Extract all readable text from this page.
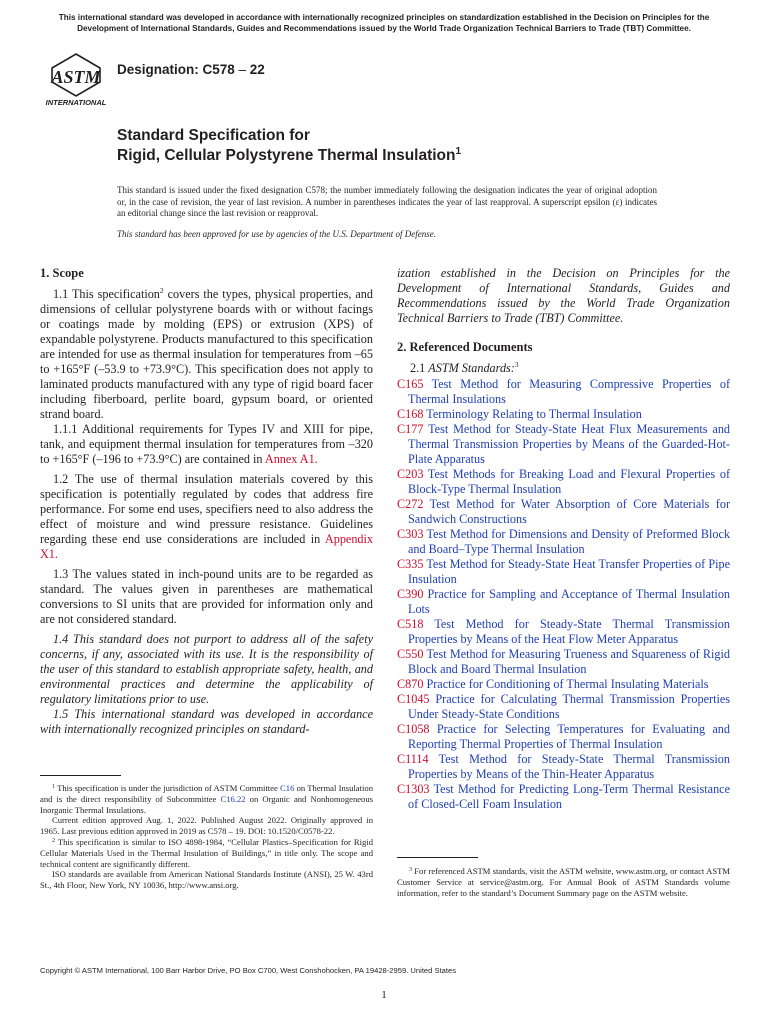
This international standard was developed in accordance with internationally recognized principles on standardization established in the Decision on Principles for the Development of International Standards, Guides and Recommendations issued by the World Trade Organization Technical Barriers to Trade (TBT) Committee.
ASTM
INTERNATIONAL
Designation: C578 – 22
Standard Specification for
Rigid, Cellular Polystyrene Thermal Insulation$^1$
This standard is issued under the fixed designation C578; the number immediately following the designation indicates the year of original adoption or, in the case of revision, the year of last revision. A number in parentheses indicates the year of last reapproval. A superscript epsilon (ε) indicates an editorial change since the last revision or reapproval.
This standard has been approved for use by agencies of the U.S. Department of Defense.
1. Scope

1.1 This specification$^2$ covers the types, physical properties, and dimensions of cellular polystyrene boards with or without facings or coatings made by molding (EPS) or extrusion (XPS) of expandable polystyrene. Products manufactured to this specification are intended for use as thermal insulation for temperatures from –65 to +165°F (–53.9 to +73.9°C). This specification does not apply to laminated products manufactured with any type of rigid board facer including fiberboard, perlite board, gypsum board, or oriented strand board.

1.1.1 Additional requirements for Types IV and XIII for pipe, tank, and equipment thermal insulation for temperatures from –320 to +165°F (–196 to +73.9°C) are contained in Annex A1.

1.2 The use of thermal insulation materials covered by this specification is potentially regulated by codes that address fire performance. For some end uses, specifiers need to also address the effect of moisture and wind pressure resistance. Guidelines regarding these end use considerations are included in Appendix X1.

1.3 The values stated in inch-pound units are to be regarded as standard. The values given in parentheses are mathematical conversions to SI units that are provided for information only and are not considered standard.

1.4 This standard does not purport to address all of the safety concerns, if any, associated with its use. It is the responsibility of the user of this standard to establish appropriate safety, health, and environmental practices and determine the applicability of regulatory limitations prior to use.

1.5 This international standard was developed in accordance with internationally recognized principles on standard-

ization established in the Decision on Principles for the Development of International Standards, Guides and Recommendations issued by the World Trade Organization Technical Barriers to Trade (TBT) Committee.

2. Referenced Documents

2.1 ASTM Standards:$^3$

C165 Test Method for Measuring Compressive Properties of Thermal Insulations
C168 Terminology Relating to Thermal Insulation
C177 Test Method for Steady-State Heat Flux Measurements and Thermal Transmission Properties by Means of the Guarded-Hot-Plate Apparatus
C203 Test Methods for Breaking Load and Flexural Properties of Block-Type Thermal Insulation
C272 Test Method for Water Absorption of Core Materials for Sandwich Constructions
C303 Test Method for Dimensions and Density of Preformed Block and Board–Type Thermal Insulation
C335 Test Method for Steady-State Heat Transfer Properties of Pipe Insulation
C390 Practice for Sampling and Acceptance of Thermal Insulation Lots
C518 Test Method for Steady-State Thermal Transmission Properties by Means of the Heat Flow Meter Apparatus
C550 Test Method for Measuring Trueness and Squareness of Rigid Block and Board Thermal Insulation
C870 Practice for Conditioning of Thermal Insulating Materials
C1045 Practice for Calculating Thermal Transmission Properties Under Steady-State Conditions
C1058 Practice for Selecting Temperatures for Evaluating and Reporting Thermal Properties of Thermal Insulation
C1114 Test Method for Steady-State Thermal Transmission Properties by Means of the Thin-Heater Apparatus
C1303 Test Method for Predicting Long-Term Thermal Resistance of Closed-Cell Foam Insulation

$^1$ This specification is under the jurisdiction of ASTM Committee C16 on Thermal Insulation and is the direct responsibility of Subcommittee C16.22 on Organic and Nonhomogeneous Inorganic Thermal Insulations.

Current edition approved Aug. 1, 2022. Published August 2022. Originally approved in 1965. Last previous edition approved in 2019 as C578 – 19. DOI: 10.1520/C0578-22.

$^2$ This specification is similar to ISO 4898-1984, “Cellular Plastics–Specification for Rigid Cellular Materials Used in the Thermal Insulation of Buildings,” in title only. The scope and technical content are significantly different.

ISO standards are available from American National Standards Institute (ANSI), 25 W. 43rd St., 4th Floor, New York, NY 10036, http://www.ansi.org.

$^3$ For referenced ASTM standards, visit the ASTM website, www.astm.org, or contact ASTM Customer Service at service@astm.org. For Annual Book of ASTM Standards volume information, refer to the standard’s Document Summary page on the ASTM website.

Copyright © ASTM International, 100 Barr Harbor Drive, PO Box C700, West Conshohocken, PA 19428-2959. United States
1
